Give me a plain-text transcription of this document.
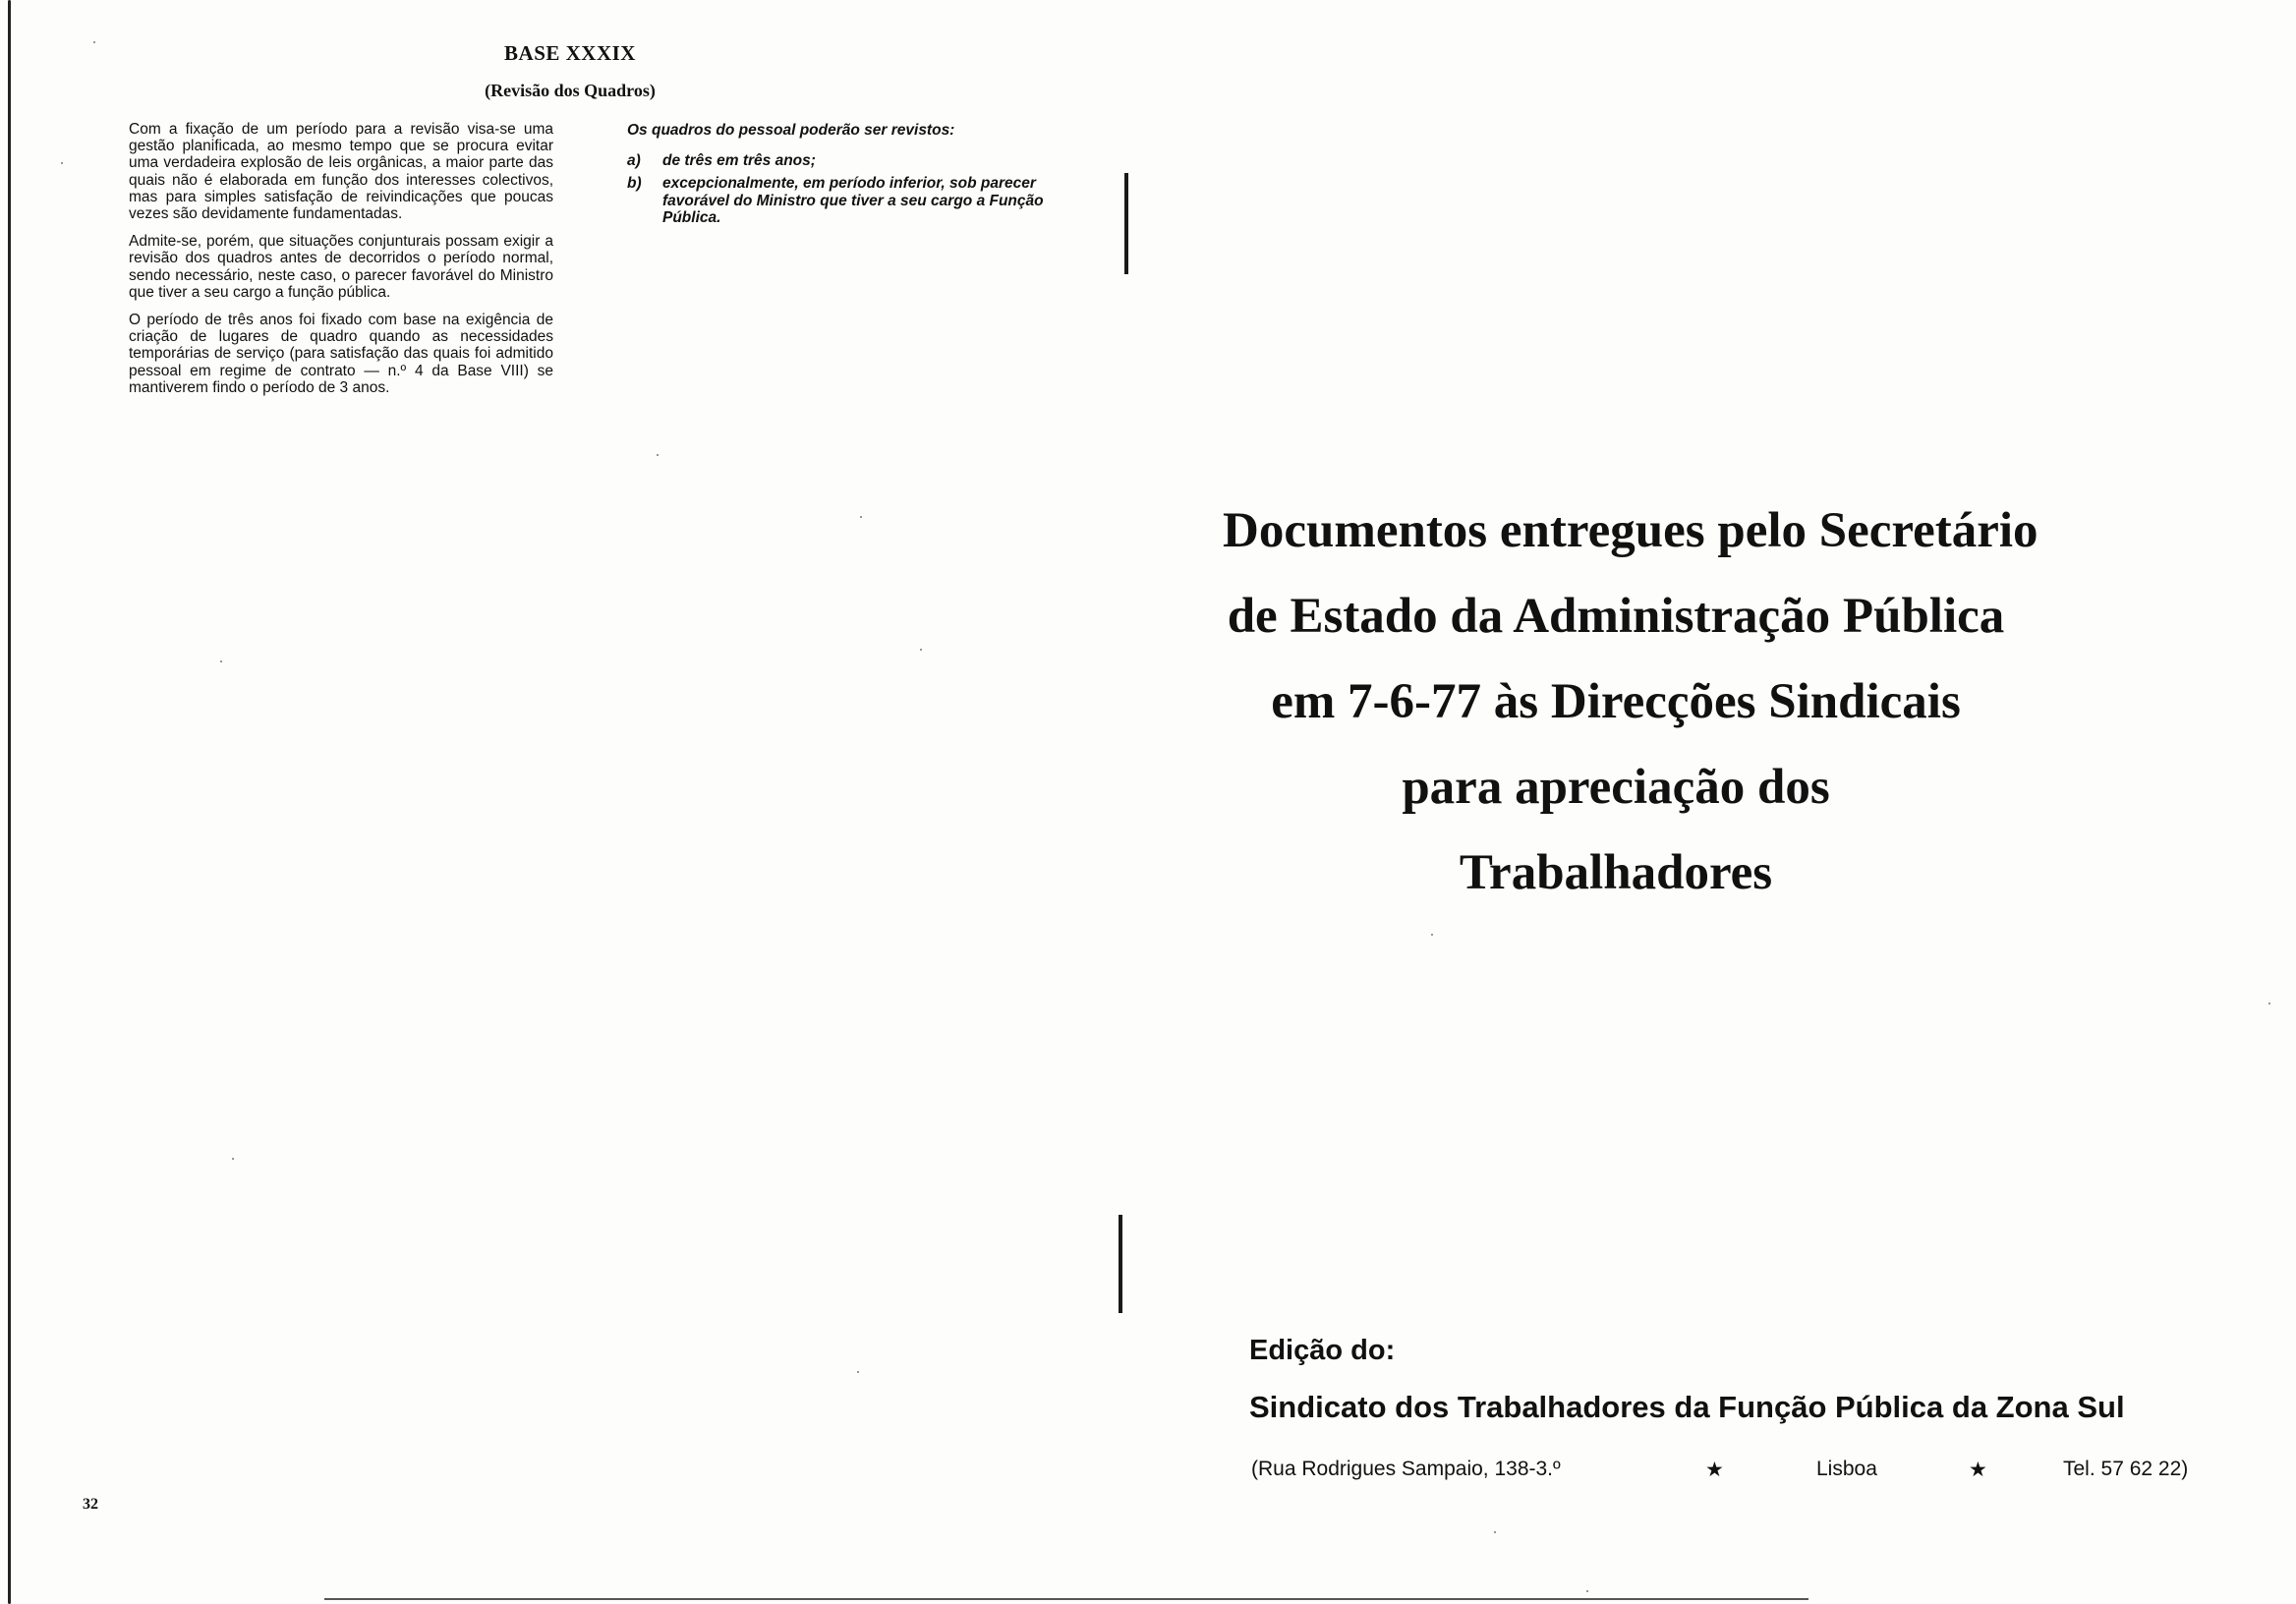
BASE XXXIX
(Revisão dos Quadros)

Com a fixação de um período para a revisão visa-se uma gestão planificada, ao mesmo tempo que se procura evitar uma verdadeira explosão de leis orgânicas, a maior parte das quais não é elaborada em função dos interesses colectivos, mas para simples satisfação de reivindicações que poucas vezes são devidamente fundamentadas.

Admite-se, porém, que situações conjunturais possam exigir a revisão dos quadros antes de decorridos o período normal, sendo necessário, neste caso, o parecer favorável do Ministro que tiver a seu cargo a função pública.

O período de três anos foi fixado com base na exigência de criação de lugares de quadro quando as necessidades temporárias de serviço (para satisfação das quais foi admitido pessoal em regime de contrato — n.º 4 da Base VIII) se mantiverem findo o período de 3 anos.

Os quadros do pessoal poderão ser revistos:
a)	de três em três anos;
b)	excepcionalmente, em período inferior, sob parecer favorável do Ministro que tiver a seu cargo a Função Pública.
32
Documentos entregues pelo Secretário
de Estado da Administração Pública
em 7-6-77 às Direcções Sindicais
para apreciação dos
Trabalhadores
Edição do:
Sindicato dos Trabalhadores da Função Pública da Zona Sul
(Rua Rodrigues Sampaio, 138-3.º	★	Lisboa	★	Tel. 57 62 22)
